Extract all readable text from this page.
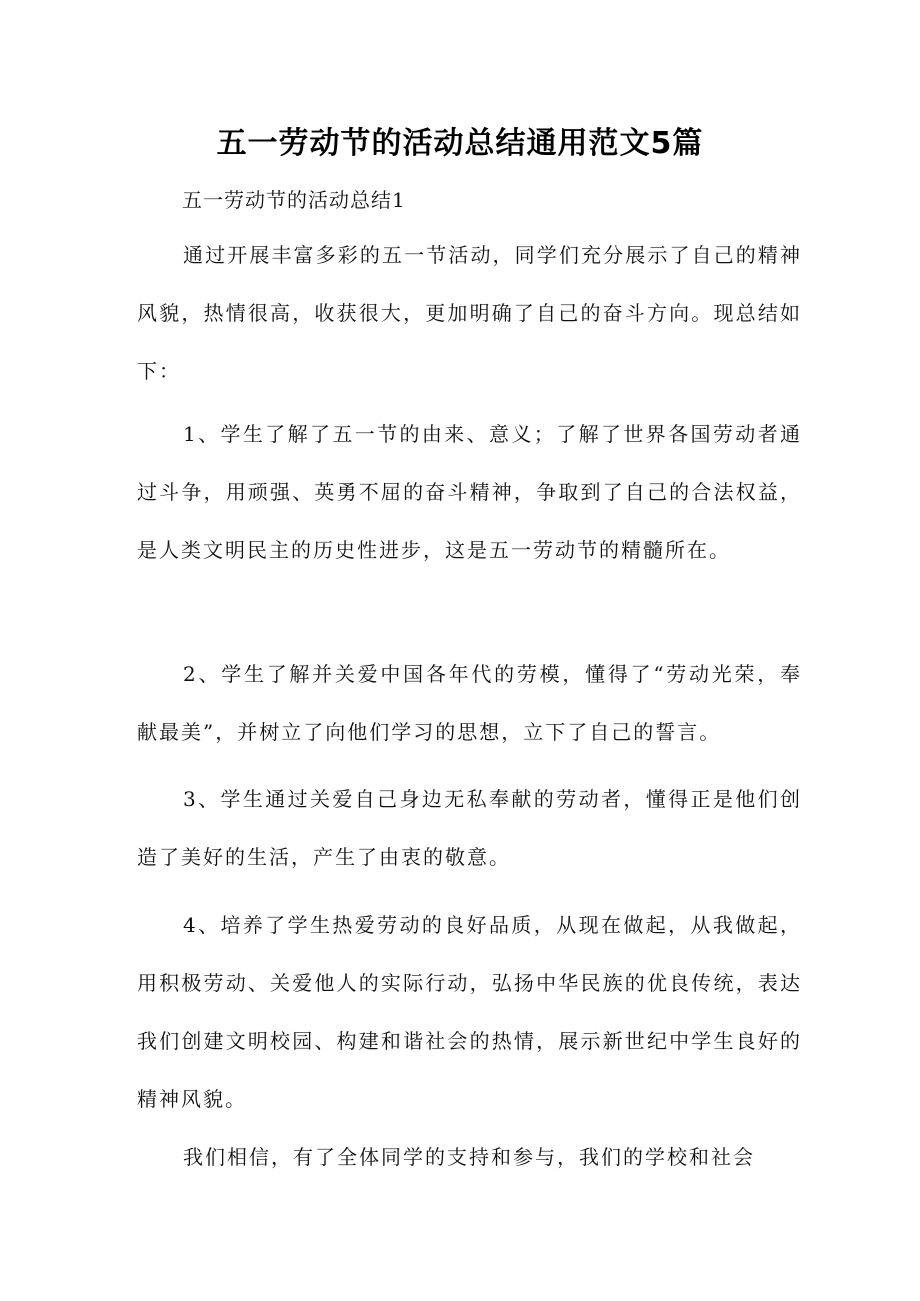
五一劳动节的活动总结通用范文5篇

五一劳动节的活动总结1

通过开展丰富多彩的五一节活动，同学们充分展示了自己的精神风貌，热情很高，收获很大，更加明确了自己的奋斗方向。现总结如下：

1、学生了解了五一节的由来、意义；了解了世界各国劳动者通过斗争，用顽强、英勇不屈的奋斗精神，争取到了自己的合法权益，是人类文明民主的历史性进步，这是五一劳动节的精髓所在。

2、学生了解并关爱中国各年代的劳模，懂得了“劳动光荣，奉献最美”，并树立了向他们学习的思想，立下了自己的誓言。

3、学生通过关爱自己身边无私奉献的劳动者，懂得正是他们创造了美好的生活，产生了由衷的敬意。

4、培养了学生热爱劳动的良好品质，从现在做起，从我做起，用积极劳动、关爱他人的实际行动，弘扬中华民族的优良传统，表达我们创建文明校园、构建和谐社会的热情，展示新世纪中学生良好的精神风貌。

我们相信，有了全体同学的支持和参与，我们的学校和社会
